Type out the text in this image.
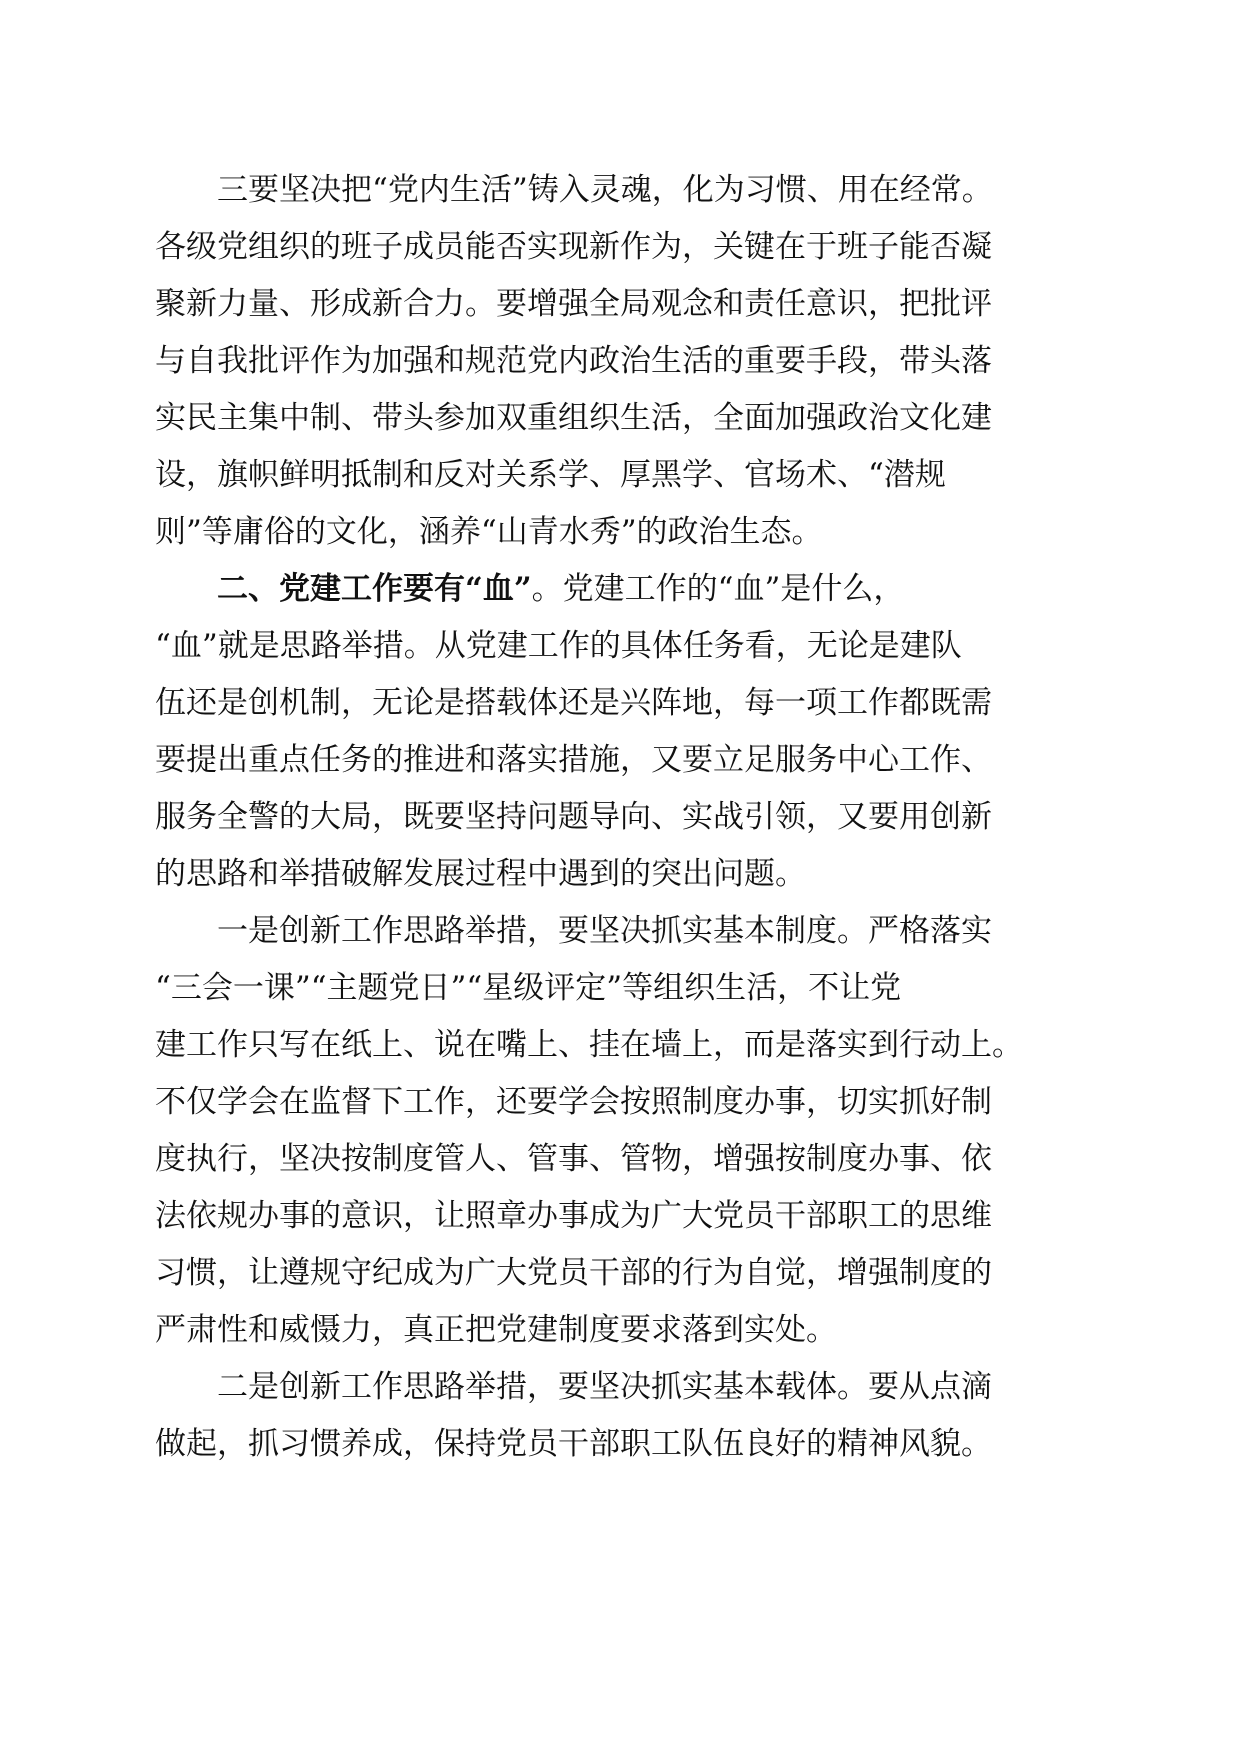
　　三要坚决把“党内生活”铸入灵魂，化为习惯、用在经常。
各级党组织的班子成员能否实现新作为，关键在于班子能否凝
聚新力量、形成新合力。要增强全局观念和责任意识，把批评
与自我批评作为加强和规范党内政治生活的重要手段，带头落
实民主集中制、带头参加双重组织生活，全面加强政治文化建
设，旗帜鲜明抵制和反对关系学、厚黑学、官场术、“潜规
则”等庸俗的文化，涵养“山青水秀”的政治生态。
　　二、党建工作要有“血”。党建工作的“血”是什么，
“血”就是思路举措。从党建工作的具体任务看，无论是建队
伍还是创机制，无论是搭载体还是兴阵地，每一项工作都既需
要提出重点任务的推进和落实措施，又要立足服务中心工作、
服务全警的大局，既要坚持问题导向、实战引领，又要用创新
的思路和举措破解发展过程中遇到的突出问题。
　　一是创新工作思路举措，要坚决抓实基本制度。严格落实
“三会一课”“主题党日”“星级评定”等组织生活，不让党
建工作只写在纸上、说在嘴上、挂在墙上，而是落实到行动上。
不仅学会在监督下工作，还要学会按照制度办事，切实抓好制
度执行，坚决按制度管人、管事、管物，增强按制度办事、依
法依规办事的意识，让照章办事成为广大党员干部职工的思维
习惯，让遵规守纪成为广大党员干部的行为自觉，增强制度的
严肃性和威慑力，真正把党建制度要求落到实处。
　　二是创新工作思路举措，要坚决抓实基本载体。要从点滴
做起，抓习惯养成，保持党员干部职工队伍良好的精神风貌。
